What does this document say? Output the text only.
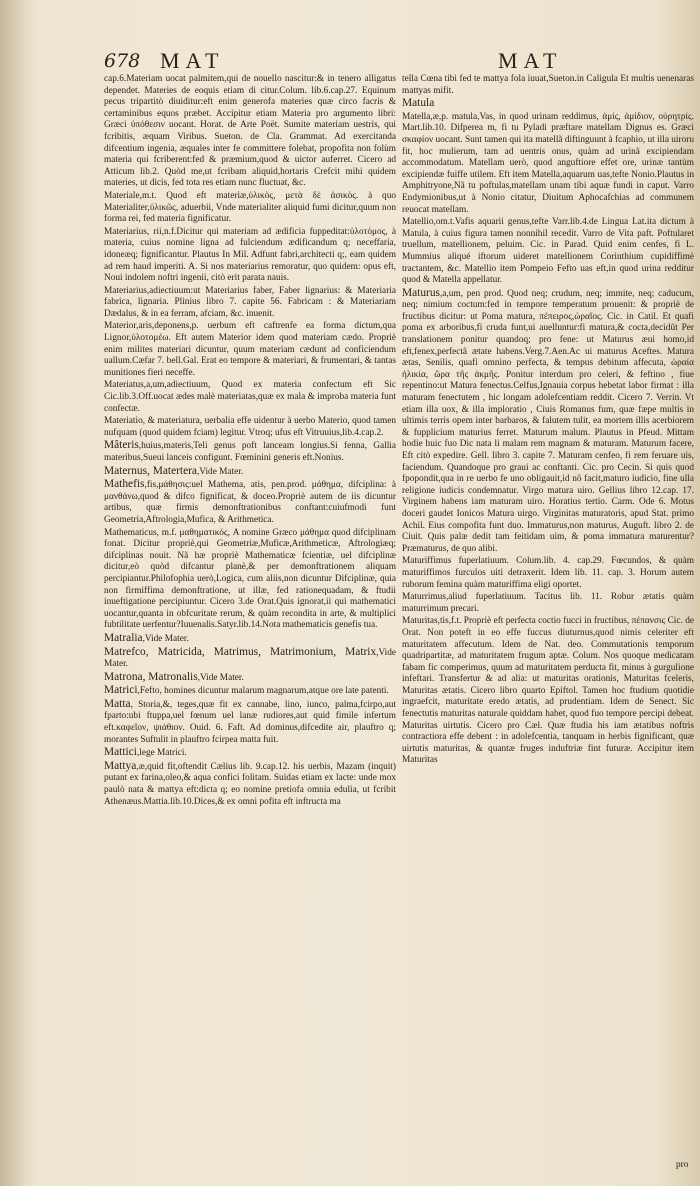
678 MAT	MAT

cap.6.Materiam uocat palmitem,qui de nouello nascitur:& in tenero alligatus dependet. Materies de eoquis etiam di citur.Colum. lib.6.cap.27. Equinum pecus tripartitò diuiditur:eft enim generofa materies quæ circo facris & certaminibus equos præbet. Accipitur etiam Materia pro argumento libri: Græci ὑπόθεσιν uocant. Horat. de Arte Poët. Sumite materiam uestris, qui fcribitis, æquam Viribus. Sueton. de Cla. Grammat. Ad exercitanda difcentium ingenia, æquales inter fe committere folebat, propofita non folùm materia qui fcriberent:fed & præmium,quod & uictor auferret. Cicero ad Atticum lib.2. Quòd me,ut fcribam aliquid,hortaris Crefcit mihi quidem materies, ut dicis, fed tota res etiam nunc fluctuat, &c.

Materiale,m.t. Quod eft materiæ,ὑλικὸς, μετὰ δὲ ἀσικὸς. à quo Materialiter,ὑλικῶς, aduerbii, Vnde materialiter aliquid fumi dicitur,quum non forma rei, fed materia fignificatur.

Materiarius, rii,n.f.Dicitur qui materiam ad ædificia fuppeditat:ὑλοτόμος, à materia, cuius nomine ligna ad fulciendum ædificandum q; neceffaria, idoneæq; fignificantur. Plautus In Mil. Adfunt fabri,architecti q;, eam quidem ad rem haud imperiti. A. Si nos materiarius remoratur, quo quidem: opus eft, Noui indolem noftri ingenii, citò erit parata nauis.

Materiarius,adiectiuum:ut Materiarius faber, Faber lignarius: & Materiaria fabrica, lignaria. Plinius libro 7. capite 56. Fabricam : & Materiariam Dædalus, & in ea ferram, afciam, &c. inuenit.

Materior,aris,deponens,p. uerbum eft caftrenfe ea forma dictum,qua Lignor,ὑλοτομέω. Eft autem Materior idem quod materiam cædo. Propriè enim milites materiari dicuntur, quum materiam cædunt ad conficiendum uallum.Cæfar 7. bell.Gal. Erat eo tempore & materiari, & frumentari, & tantas munitiones fieri neceffe.

Materiatus,a,um,adiectiuum, Quod ex materia confectum eft Sic Cic.lib.3.Off.uocat ædes malè materiatas,quæ ex mala & improba materia funt confectæ.

Materiatio, & materiatura, uerbalia effe uidentur à uerbo Materio, quod tamen nufquam (quod quidem fciam) legitur. Vtroq; ufus eft Vitruuius,lib.4.cap.2.

Mâteris,huius,materis,Teli genus poft lanceam longius.Si fenna, Gallia materibus,Sueui lanceis configunt. Fœminini generis eft.Nonius.

Maternus, Matertera,Vide Mater.

Mathefis,fis,μάθησις:uel Mathema, atis, pen.prod. μάθημα, difciplina: à μανθάνω,quod & difco fignificat, & doceo.Propriè autem de iis dicuntur artibus, quæ firmis demonftrationibus conftant:cuiufmodi funt Geometria,Aftrologia,Mufica, & Arithmetica.

Mathematicus, m.f. μαθηματικός, A nomine Græco μάθημα quod difciplinam fonat. Dicitur propriè,qui Geometriæ,Muficæ,Arithmeticæ, Aftrologiæq; difciplinas nouit. Nã hæ propriè Mathematicæ fcientiæ, uel difciplinæ dicitur,eò quòd difcantur planè,& per demonftrationem aliquam percipiantur.Philofophia uerò,Logica, cum aliis,non dicuntur Difciplinæ, quia non firmiffima demonftratione, ut illæ, fed rationequadam, & ftudii inueftigatione percipiuntur. Cicero 3.de Orat.Quis ignorat,ii qui mathematici uocantur,quanta in obfcuritate rerum, & quàm recondita in arte, & multiplici fubtilitate uerfentur?Iuuenalis.Satyr.lib.14.Nota mathematicis genefis tua.

Matralia,Vide Mater.

Matrefco, Matricida, Matrimus, Matrimonium, Matrix,Vide Mater.

Matrona, Matronalis,Vide Mater.

Matrici,Fefto, homines dicuntur malarum magnarum,atque ore late patenti.

Matta, Storia,&, teges,quæ fit ex cannabe, lino, iunco, palma,fcirpo,aut fparto:ubi ftuppa,uel fœnum uel lanæ rudiores,aut quid fimile infertum eft.καφεῖον, ψιάθιον. Ouid. 6. Faft. Ad dominus,difcedite air, plauftro q; morantes Suftulit in plauftro fcirpea matta fuit.

Mattici,lege Matrici.

Mattya,æ,quid fit,oftendit Cælius lib. 9.cap.12. his uerbis, Mazam (inquit) putant ex farina,oleo,& aqua confici folitam. Suidas etiam ex lacte: unde mox paulò nata & mattya eft:dicta q; eo nomine pretiofa omnia edulia, ut fcribit Athenæus.Mattia.lib.10.Dices,& ex omni pofita eft inftructa ma

tella Cœna tibi fed te mattya fola iuuat,Sueton.in Caligula Et multis uenenaras mattyas mifit.

Matula

Matella,æ,p. matula,Vas, in quod urinam reddimus, ἀμίς, ἀμίδιον, οὐρητρίς. Mart.lib.10. Difperea m, fi tu Pyladi præftare matellam Dignus es. Græci σκαφίον uocant. Sunt tamen qui ita matellã diftinguunt à fcaphio, ut illa uiroru fit, hoc mulierum, tam ad uentris onus, quàm ad urinã excipiendam accommodatum. Matellam uerò, quod anguftiore effet ore, urinæ tantùm excipiendæ fuiffe utilem. Eft item Matella,aquarum uas,tefte Nonio.Plautus in Amphitryone,Nã tu poftulas,matellam unam tibi aquæ fundi in caput. Varro Endymionibus,ut à Nonio citatur, Diuitum Aphocafchias ad communem reuocat matellam.

Matellio,om.t.Vafis aquarii genus,tefte Varr.lib.4.de Lingua Lat.ita dictum à Matula, à cuius figura tamen nonnihil recedit. Varro de Vita paft. Poftularet truellum, matellionem, peluim. Cic. in Parad. Quid enim cenfes, fi L. Mummius aliqué iftorum uideret matellionem Corinthium cupidiffimè tractantem, &c. Matellio item Pompeio Fefto uas eft,in quod urina redditur quod & Matella appellatur.

Maturus,a,um, pen prod. Quod neq; crudum, neq; immite, neq; caducum, neq; nimium coctum:fed in tempore temperatum prouenit: & propriè de fructibus dicitur: ut Poma matura, πέπειρος,ὡραῖος. Cic. in Catil. Et quafi poma ex arboribus,fi cruda funt,ui auelluntur:fi matura,& cocta,decidũt Per translationem ponitur quandoq; pro fene: ut Maturus æui homo,id eft,fenex,perfectã ætate habens.Verg.7.Aen.Ac ui maturus Aceftes. Matura ætas, Senilis, quafi omnino perfecta, & tempus debitum affecuta, ὡραία ἡλικία, ὥρα τῆς ἀκμῆς. Ponitur interdum pro celeri, & feftino , fiue repentino:ut Matura fenectus.Celfus,Ignauia corpus hebetat labor firmat : illa maturam fenectutem , hic longam adolefcentiam reddit. Cicero 7. Verrin. Vt etiam illa uox, & illa imploratio , Ciuis Romanus fum, quæ fæpe multis in ultimis terris opem inter barbaros, & falutem tulit, ea mortem illis acerbiorem & fupplicium maturius ferret. Maturum malum. Plautus in Pfeud. Mittam hodie huic fuo Dic nata li malam rem magnam & maturam. Maturum facere, Eft citò expedire. Gell. libro 3. capite 7. Maturam cenfeo, fi rem feruare uis, faciendum. Quandoque pro graui ac conftanti. Cic. pro Cecin. Si quis quod fpopondit,qua in re uerbo fe uno obligauit,id nõ facit,maturo iudicio, fine ulla religione iudicis condemnatur. Virgo matura uiro. Gellius libro 12.cap. 17. Virginem habens iam maturam uiro. Horatius tertio. Carm. Ode 6. Motus doceri gaudet Ionicos Matura uirgo. Virginitas maturatoris, apud Stat. primo Achil. Eius compofita funt duo. Immaturus,non maturus, Auguft. libro 2. de Ciuit. Quis palæ dedit tam feitidam uim, & poma immatura maturentur? Præmaturus, de quo alibi.

Maturiffimus fuperlatiuum. Colum.lib. 4. cap.29. Fœcundos, & quàm maturiffimos furculos uiti detraxerit. Idem lib. 11. cap. 3. Horum autem ruborum femina quàm maturiffima eligi oportet.

Maturrimus,aliud fuperlatiuum. Tacitus lib. 11. Robur ætatis quàm maturrimum precari.

Maturitas,tis,f.t. Propriè eft perfecta coctio fucci in fructibus, πέπανσις Cic. de Orat. Non poteft in eo effe fuccus diuturnus,quod nimis celeriter eft maturitatem affecutum. Idem de Nat. deo. Commutationis temporum quadripartitæ, ad maturitatem frugum aptæ. Colum. Nos quoque medicatam fabam fic comperimus, quum ad maturitatem perducta fit, minus à gurgulione infeftari. Transfertur & ad alia: ut maturitas orationis, Maturitas fceleris, Maturitas ætatis. Cicero libro quarto Epiftol. Tamen hoc ftudium quotidie ingraefcit, maturitate eredo ætatis, ad prudentiam. Idem de Senect. Sic fenectutis maturitas naturale quiddam habet, quod fuo tempore percipi debeat. Maturitas uirtutis. Cicero pro Cæl. Quæ ftudia his iam ætatibus noftris contractiora effe debent : in adolefcentia, tanquam in herbis fignificant, quæ uirtutis maturitas, & quantæ fruges induftriæ fint futuræ. Accipitur item Maturitas

pro
